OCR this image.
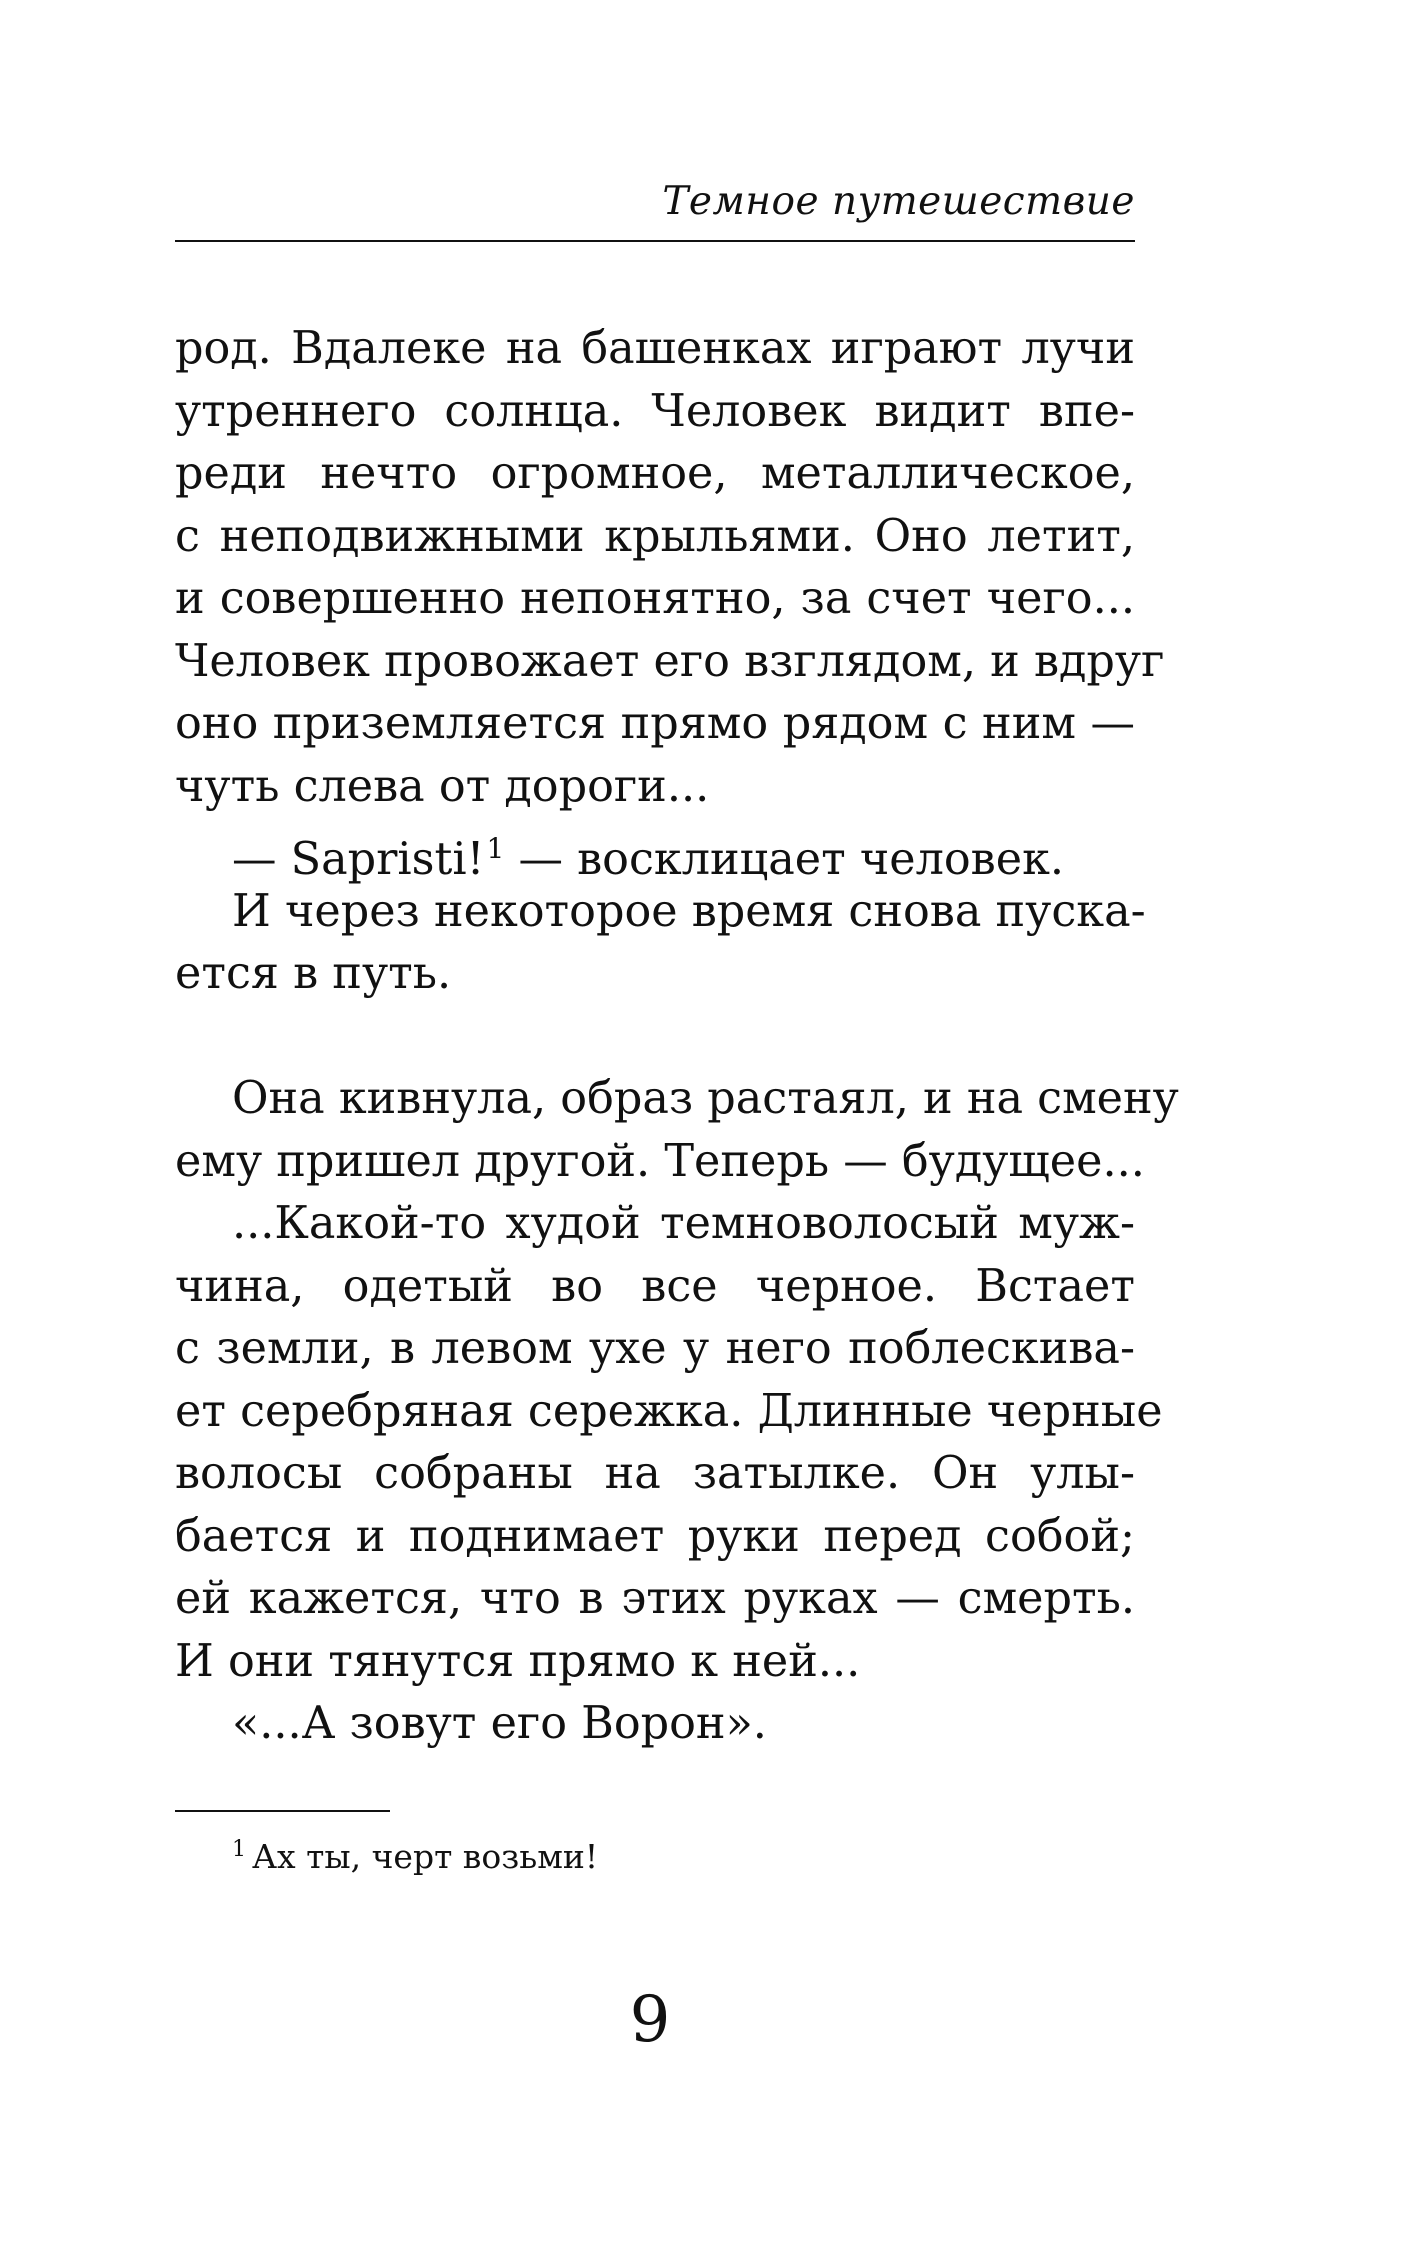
Темное путешествие
род. Вдалеке на башенках играют лучи
утреннего солнца. Человек видит впе-
реди нечто огромное, металлическое,
с неподвижными крыльями. Оно летит,
и совершенно непонятно, за счет чего...
Человек провожает его взглядом, и вдруг
оно приземляется прямо рядом с ним —
чуть слева от дороги...
— Sapristi!$^1$ — восклицает человек.
И через некоторое время снова пуска-
ется в путь.
Она кивнула, образ растаял, и на смену
ему пришел другой. Теперь — будущее...
...Какой-то худой темноволосый муж-
чина, одетый во все черное. Встает
с земли, в левом ухе у него поблескива-
ет серебряная сережка. Длинные черные
волосы собраны на затылке. Он улы-
бается и поднимает руки перед собой;
ей кажется, что в этих руках — смерть.
И они тянутся прямо к ней...
«...А зовут его Ворон».
$^1$ Ах ты, черт возьми!
9
